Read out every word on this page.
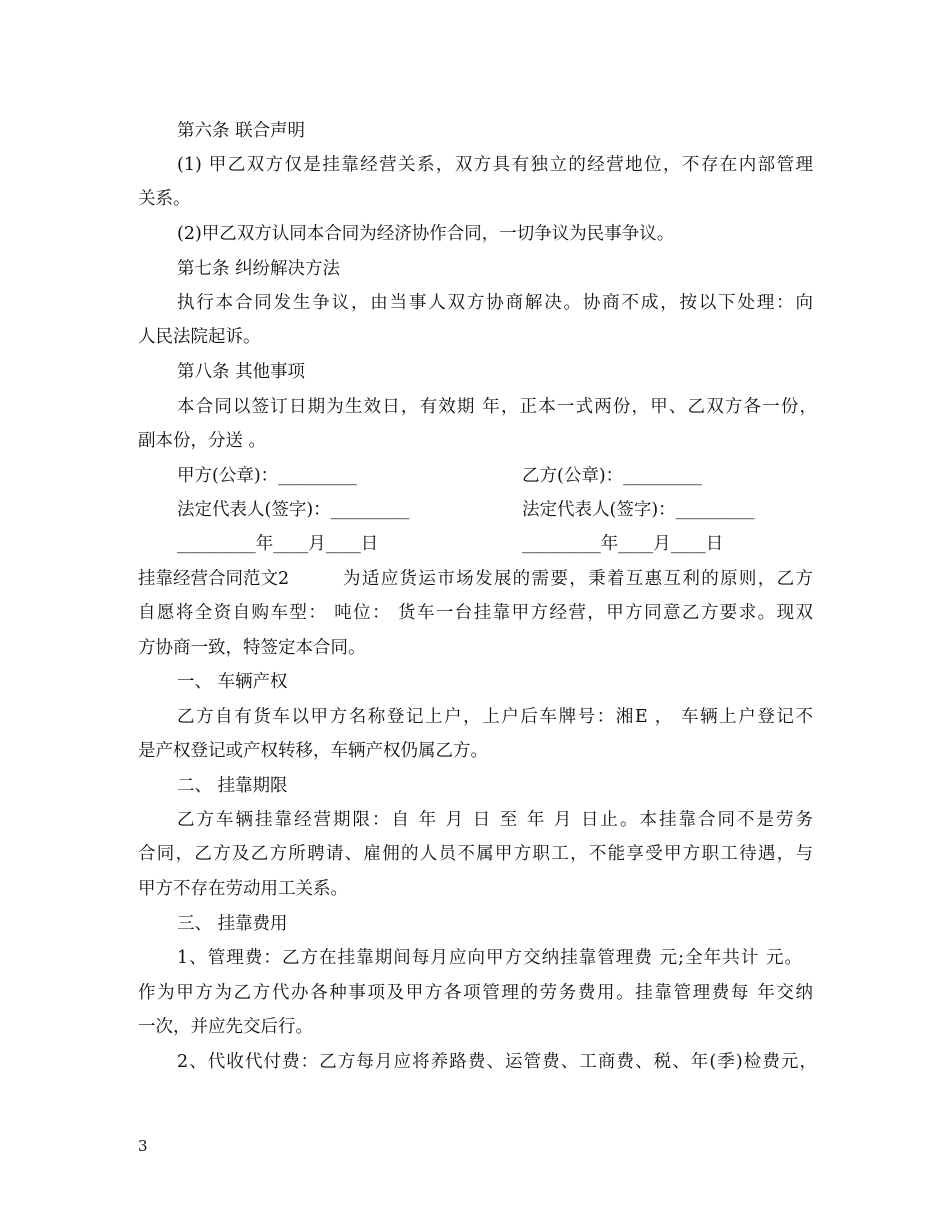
第六条 联合声明
(1) 甲乙双方仅是挂靠经营关系，双方具有独立的经营地位，不存在内部管理
关系。
(2)甲乙双方认同本合同为经济协作合同，一切争议为民事争议。
第七条 纠纷解决方法
执行本合同发生争议，由当事人双方协商解决。协商不成，按以下处理：向
人民法院起诉。
第八条 其他事项
本合同以签订日期为生效日，有效期 年，正本一式两份，甲、乙双方各一份，
副本份，分送 。
甲方(公章)：_________	乙方(公章)：_________
法定代表人(签字)：_________	法定代表人(签字)：_________
_________年____月____日	_________年____月____日
挂靠经营合同范文2	为适应货运市场发展的需要，秉着互惠互利的原则，乙方
自愿将全资自购车型： 吨位： 货车一台挂靠甲方经营，甲方同意乙方要求。现双
方协商一致，特签定本合同。
一、 车辆产权
乙方自有货车以甲方名称登记上户，上户后车牌号：湘E ， 车辆上户登记不
是产权登记或产权转移，车辆产权仍属乙方。
二、 挂靠期限
乙方车辆挂靠经营期限：自 年 月 日 至 年 月 日止。本挂靠合同不是劳务
合同，乙方及乙方所聘请、雇佣的人员不属甲方职工，不能享受甲方职工待遇，与
甲方不存在劳动用工关系。
三、 挂靠费用
1、管理费：乙方在挂靠期间每月应向甲方交纳挂靠管理费 元;全年共计 元。
作为甲方为乙方代办各种事项及甲方各项管理的劳务费用。挂靠管理费每 年交纳
一次，并应先交后行。
2、代收代付费：乙方每月应将养路费、运管费、工商费、税、年(季)检费元，
3
